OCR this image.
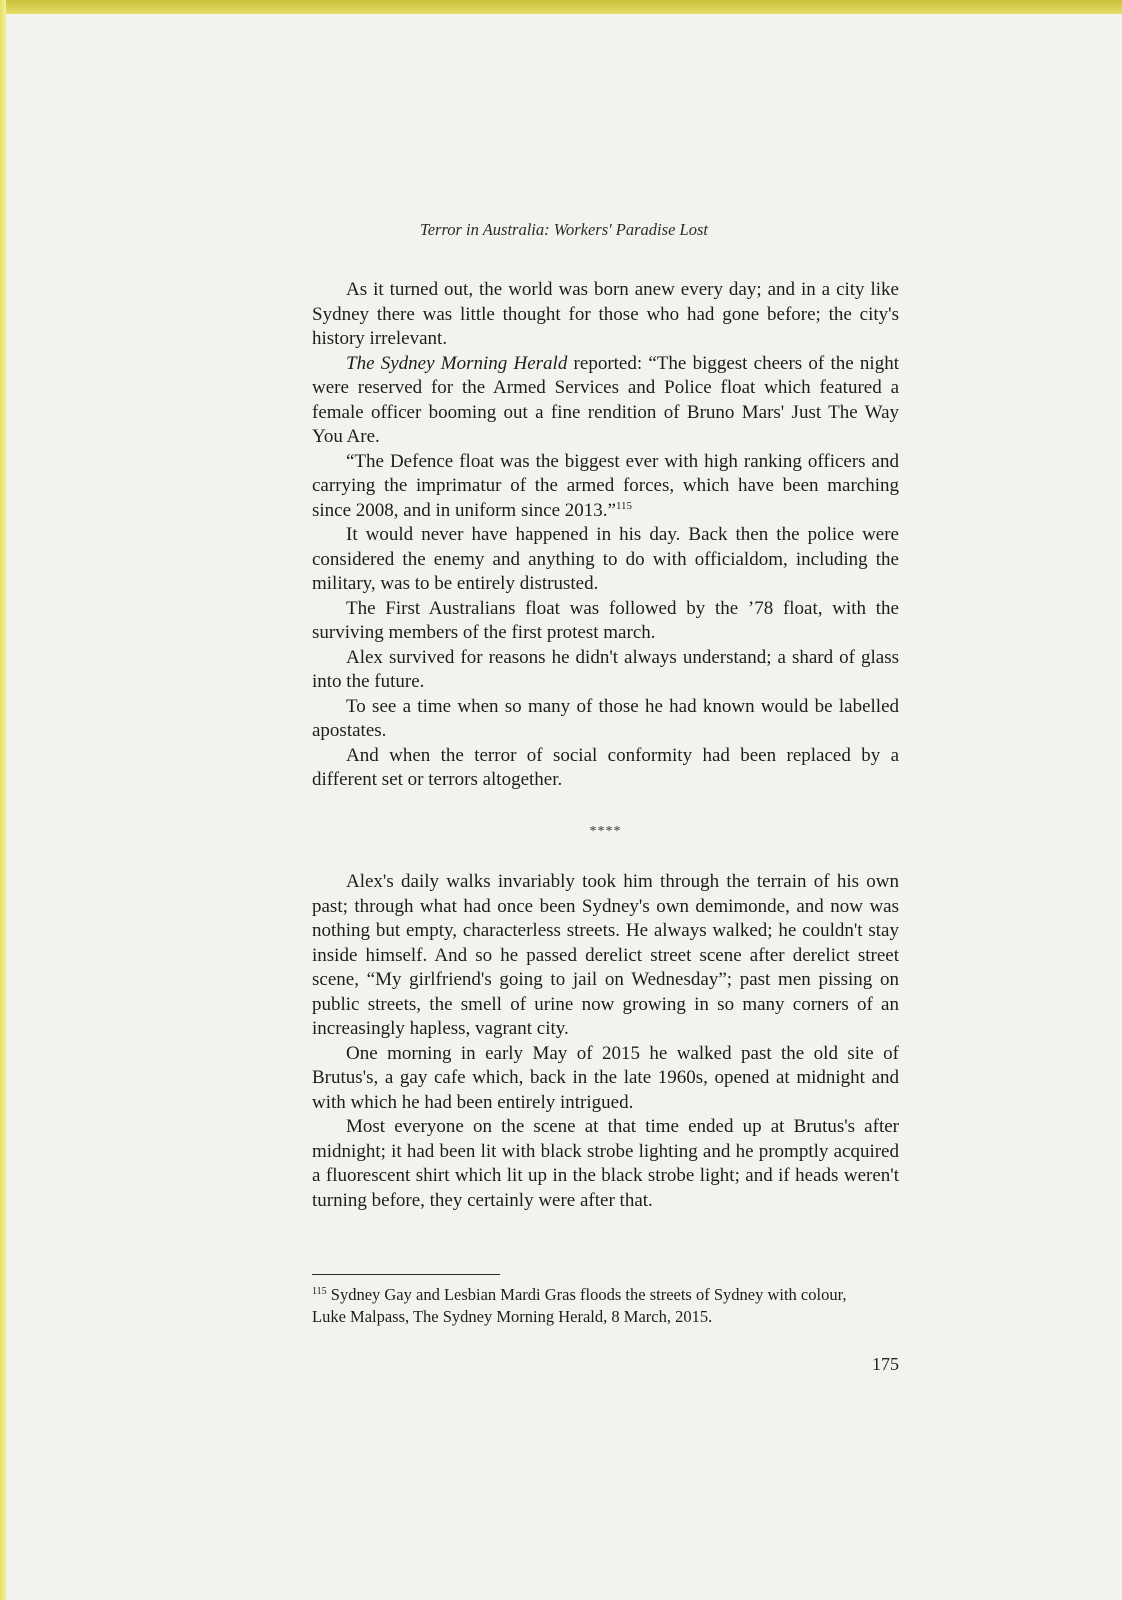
Terror in Australia: Workers' Paradise Lost

As it turned out, the world was born anew every day; and in a city like Sydney there was little thought for those who had gone before; the city's history irrelevant.

The Sydney Morning Herald reported: “The biggest cheers of the night were reserved for the Armed Services and Police float which featured a female officer booming out a fine rendition of Bruno Mars' Just The Way You Are.

“The Defence float was the biggest ever with high ranking officers and carrying the imprimatur of the armed forces, which have been marching since 2008, and in uniform since 2013.”$^{115}$

It would never have happened in his day. Back then the police were considered the enemy and anything to do with officialdom, including the military, was to be entirely distrusted.

The First Australians float was followed by the ’78 float, with the surviving members of the first protest march.

Alex survived for reasons he didn't always understand; a shard of glass into the future.

To see a time when so many of those he had known would be labelled apostates.

And when the terror of social conformity had been replaced by a different set or terrors altogether.

****

Alex's daily walks invariably took him through the terrain of his own past; through what had once been Sydney's own demimonde, and now was nothing but empty, characterless streets. He always walked; he couldn't stay inside himself. And so he passed derelict street scene after derelict street scene, “My girlfriend's going to jail on Wednesday”; past men pissing on public streets, the smell of urine now growing in so many corners of an increasingly hapless, vagrant city.

One morning in early May of 2015 he walked past the old site of Brutus's, a gay cafe which, back in the late 1960s, opened at midnight and with which he had been entirely intrigued.

Most everyone on the scene at that time ended up at Brutus's after midnight; it had been lit with black strobe lighting and he promptly acquired a fluorescent shirt which lit up in the black strobe light; and if heads weren't turning before, they certainly were after that.

$^{115}$ Sydney Gay and Lesbian Mardi Gras floods the streets of Sydney with colour, Luke Malpass, The Sydney Morning Herald, 8 March, 2015.
175
